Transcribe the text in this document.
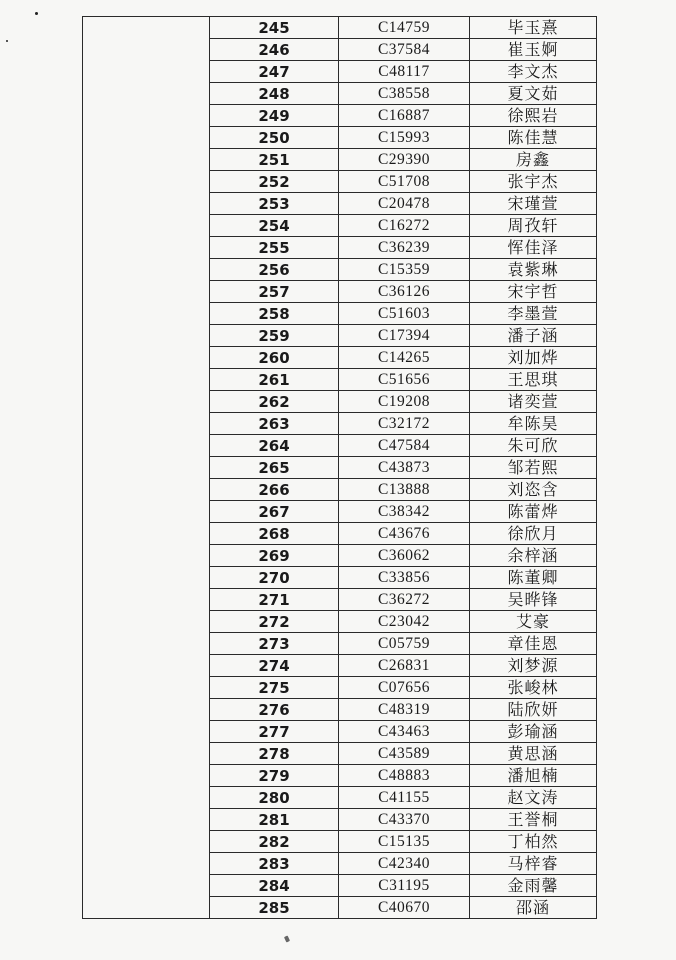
	245	C14759	毕玉熹
	246	C37584	崔玉婀
	247	C48117	李文杰
	248	C38558	夏文茹
	249	C16887	徐熙岩
	250	C15993	陈佳慧
	251	C29390	房鑫
	252	C51708	张宇杰
	253	C20478	宋瑾萱
	254	C16272	周孜轩
	255	C36239	恽佳泽
	256	C15359	袁紫琳
	257	C36126	宋宇哲
	258	C51603	李墨萱
	259	C17394	潘子涵
	260	C14265	刘加烨
	261	C51656	王思琪
	262	C19208	诸奕萱
	263	C32172	牟陈昊
	264	C47584	朱可欣
	265	C43873	邹若熙
	266	C13888	刘恣含
	267	C38342	陈蕾烨
	268	C43676	徐欣月
	269	C36062	余梓涵
	270	C33856	陈董卿
	271	C36272	吴晔锋
	272	C23042	艾豪
	273	C05759	章佳恩
	274	C26831	刘梦源
	275	C07656	张峻林
	276	C48319	陆欣妍
	277	C43463	彭瑜涵
	278	C43589	黄思涵
	279	C48883	潘旭楠
	280	C41155	赵文涛
	281	C43370	王誉桐
	282	C15135	丁柏然
	283	C42340	马梓睿
	284	C31195	金雨馨
	285	C40670	邵涵
